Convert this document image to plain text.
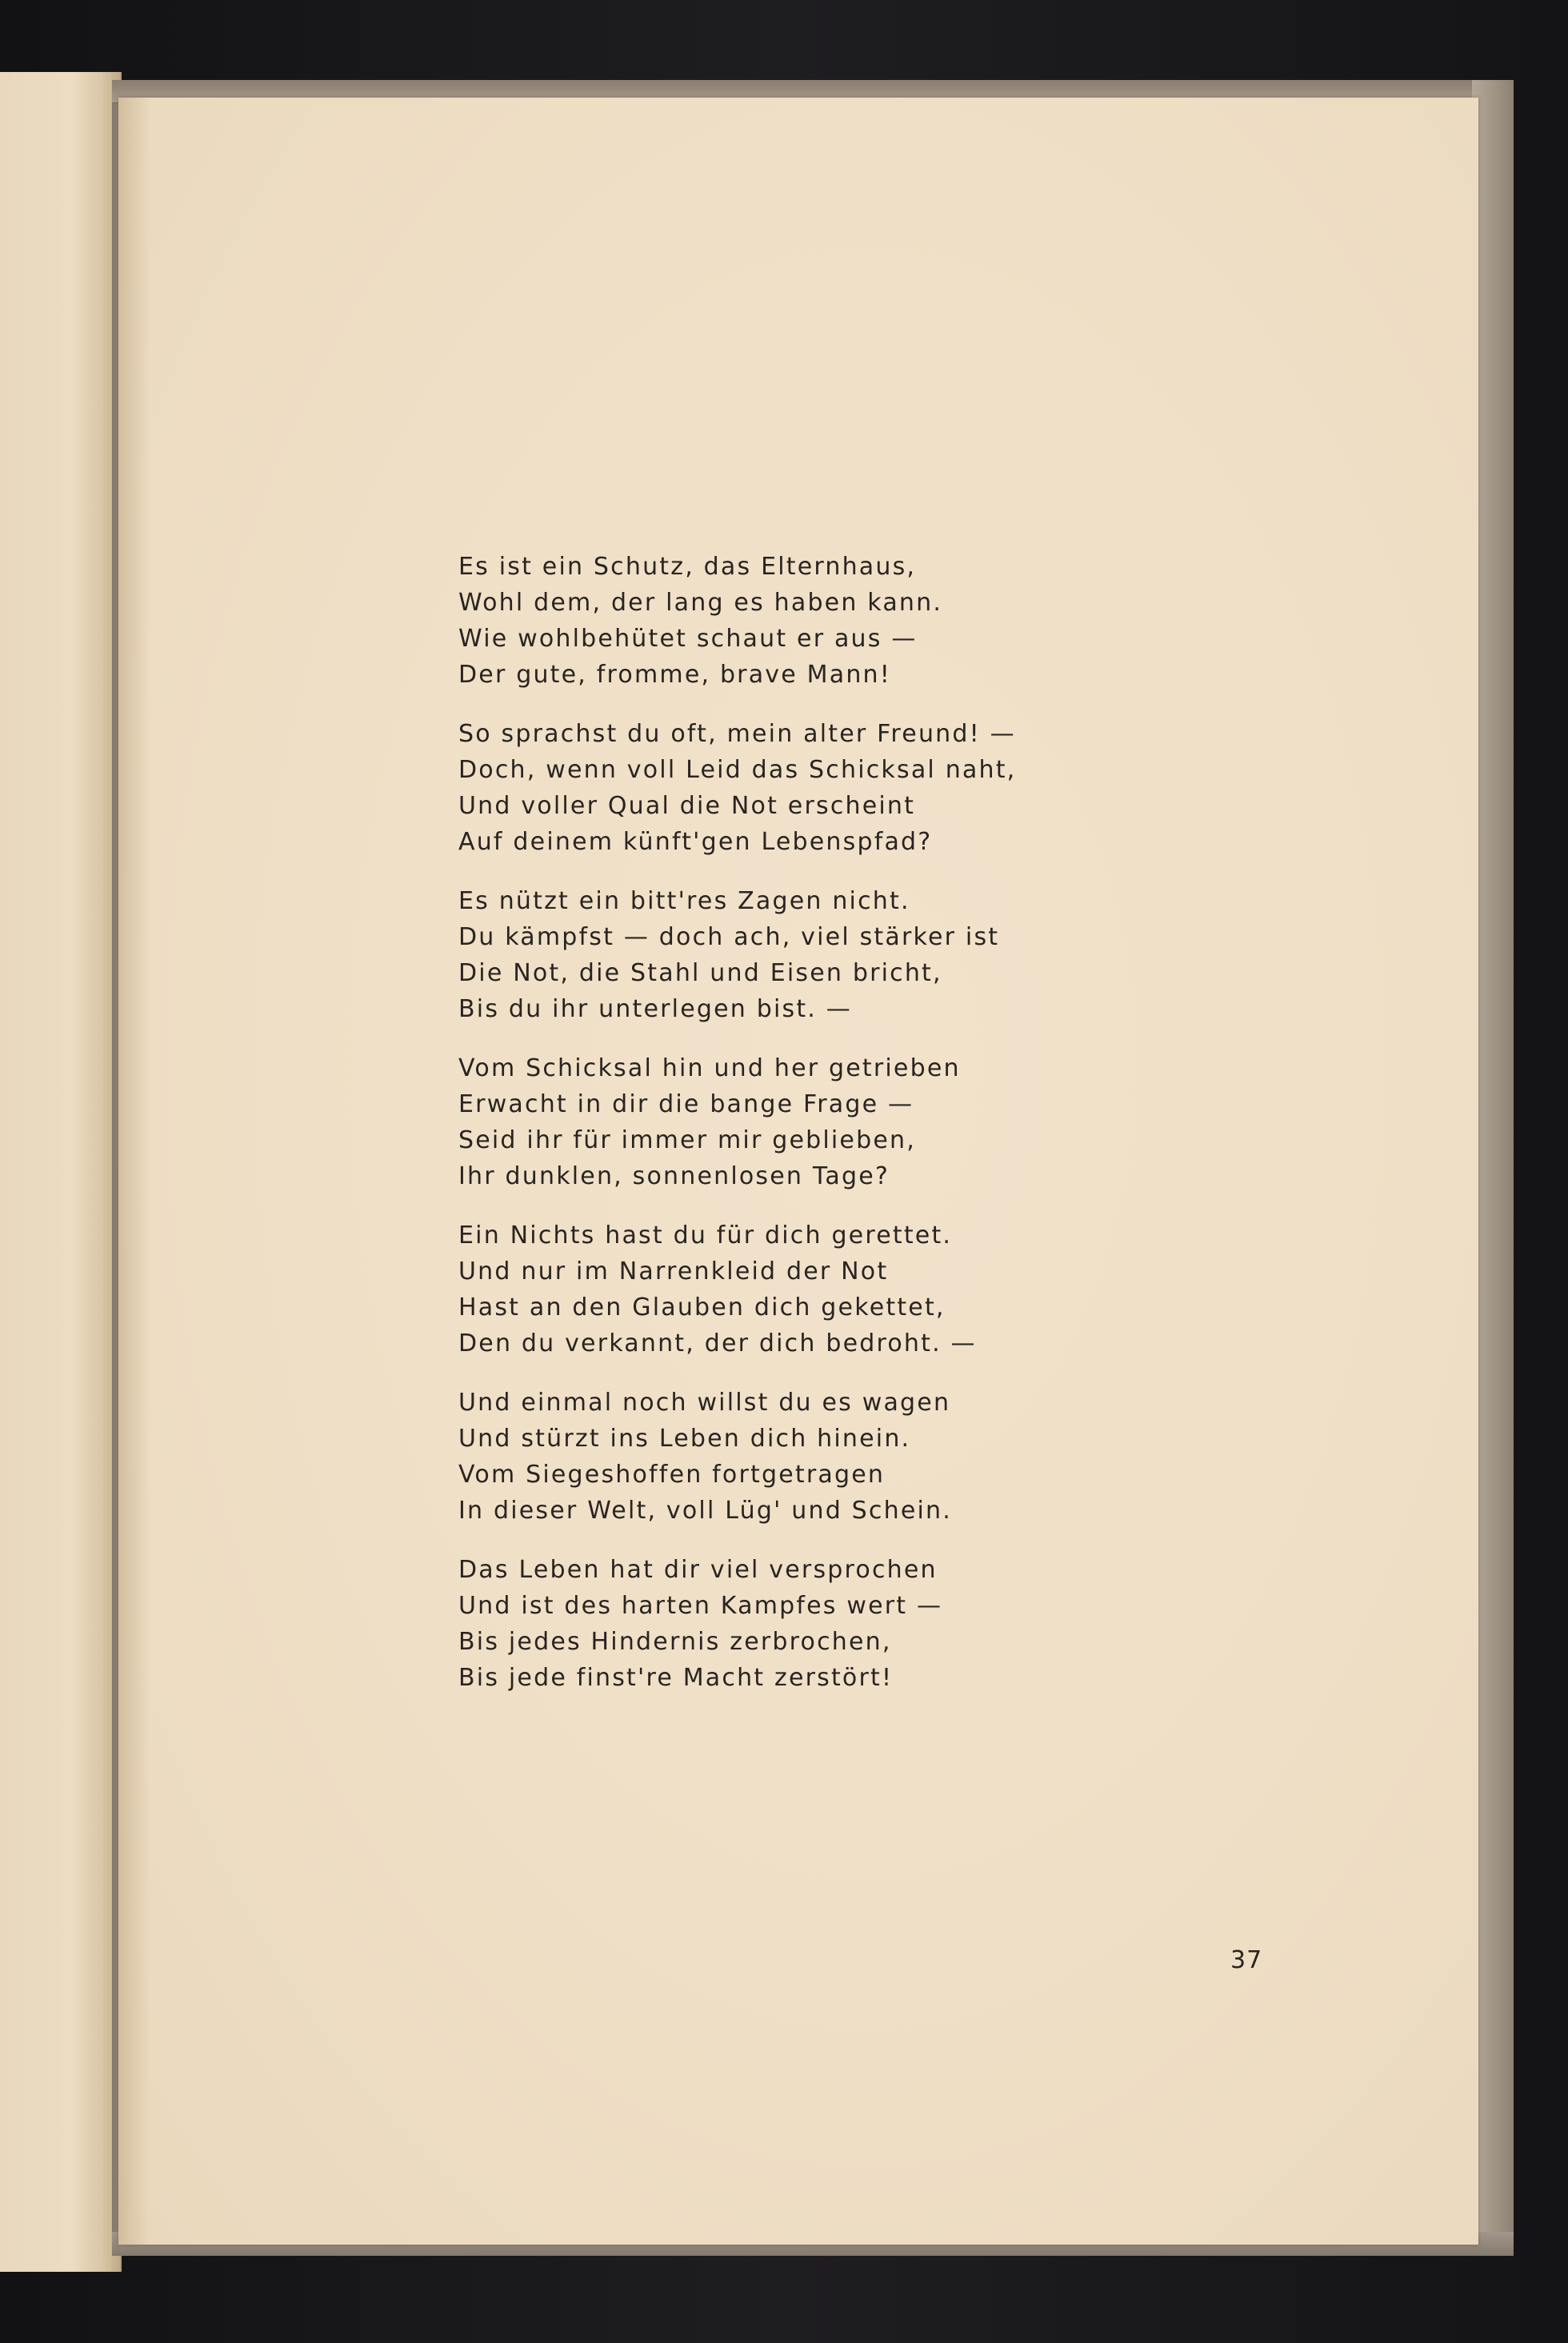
Es ist ein Schutz, das Elternhaus,
Wohl dem, der lang es haben kann.
Wie wohlbehütet schaut er aus —
Der gute, fromme, brave Mann!
So sprachst du oft, mein alter Freund! —
Doch, wenn voll Leid das Schicksal naht,
Und voller Qual die Not erscheint
Auf deinem künft'gen Lebenspfad?
Es nützt ein bitt'res Zagen nicht.
Du kämpfst — doch ach, viel stärker ist
Die Not, die Stahl und Eisen bricht,
Bis du ihr unterlegen bist. —
Vom Schicksal hin und her getrieben
Erwacht in dir die bange Frage —
Seid ihr für immer mir geblieben,
Ihr dunklen, sonnenlosen Tage?
Ein Nichts hast du für dich gerettet.
Und nur im Narrenkleid der Not
Hast an den Glauben dich gekettet,
Den du verkannt, der dich bedroht. —
Und einmal noch willst du es wagen
Und stürzt ins Leben dich hinein.
Vom Siegeshoffen fortgetragen
In dieser Welt, voll Lüg' und Schein.
Das Leben hat dir viel versprochen
Und ist des harten Kampfes wert —
Bis jedes Hindernis zerbrochen,
Bis jede finst're Macht zerstört!
37
